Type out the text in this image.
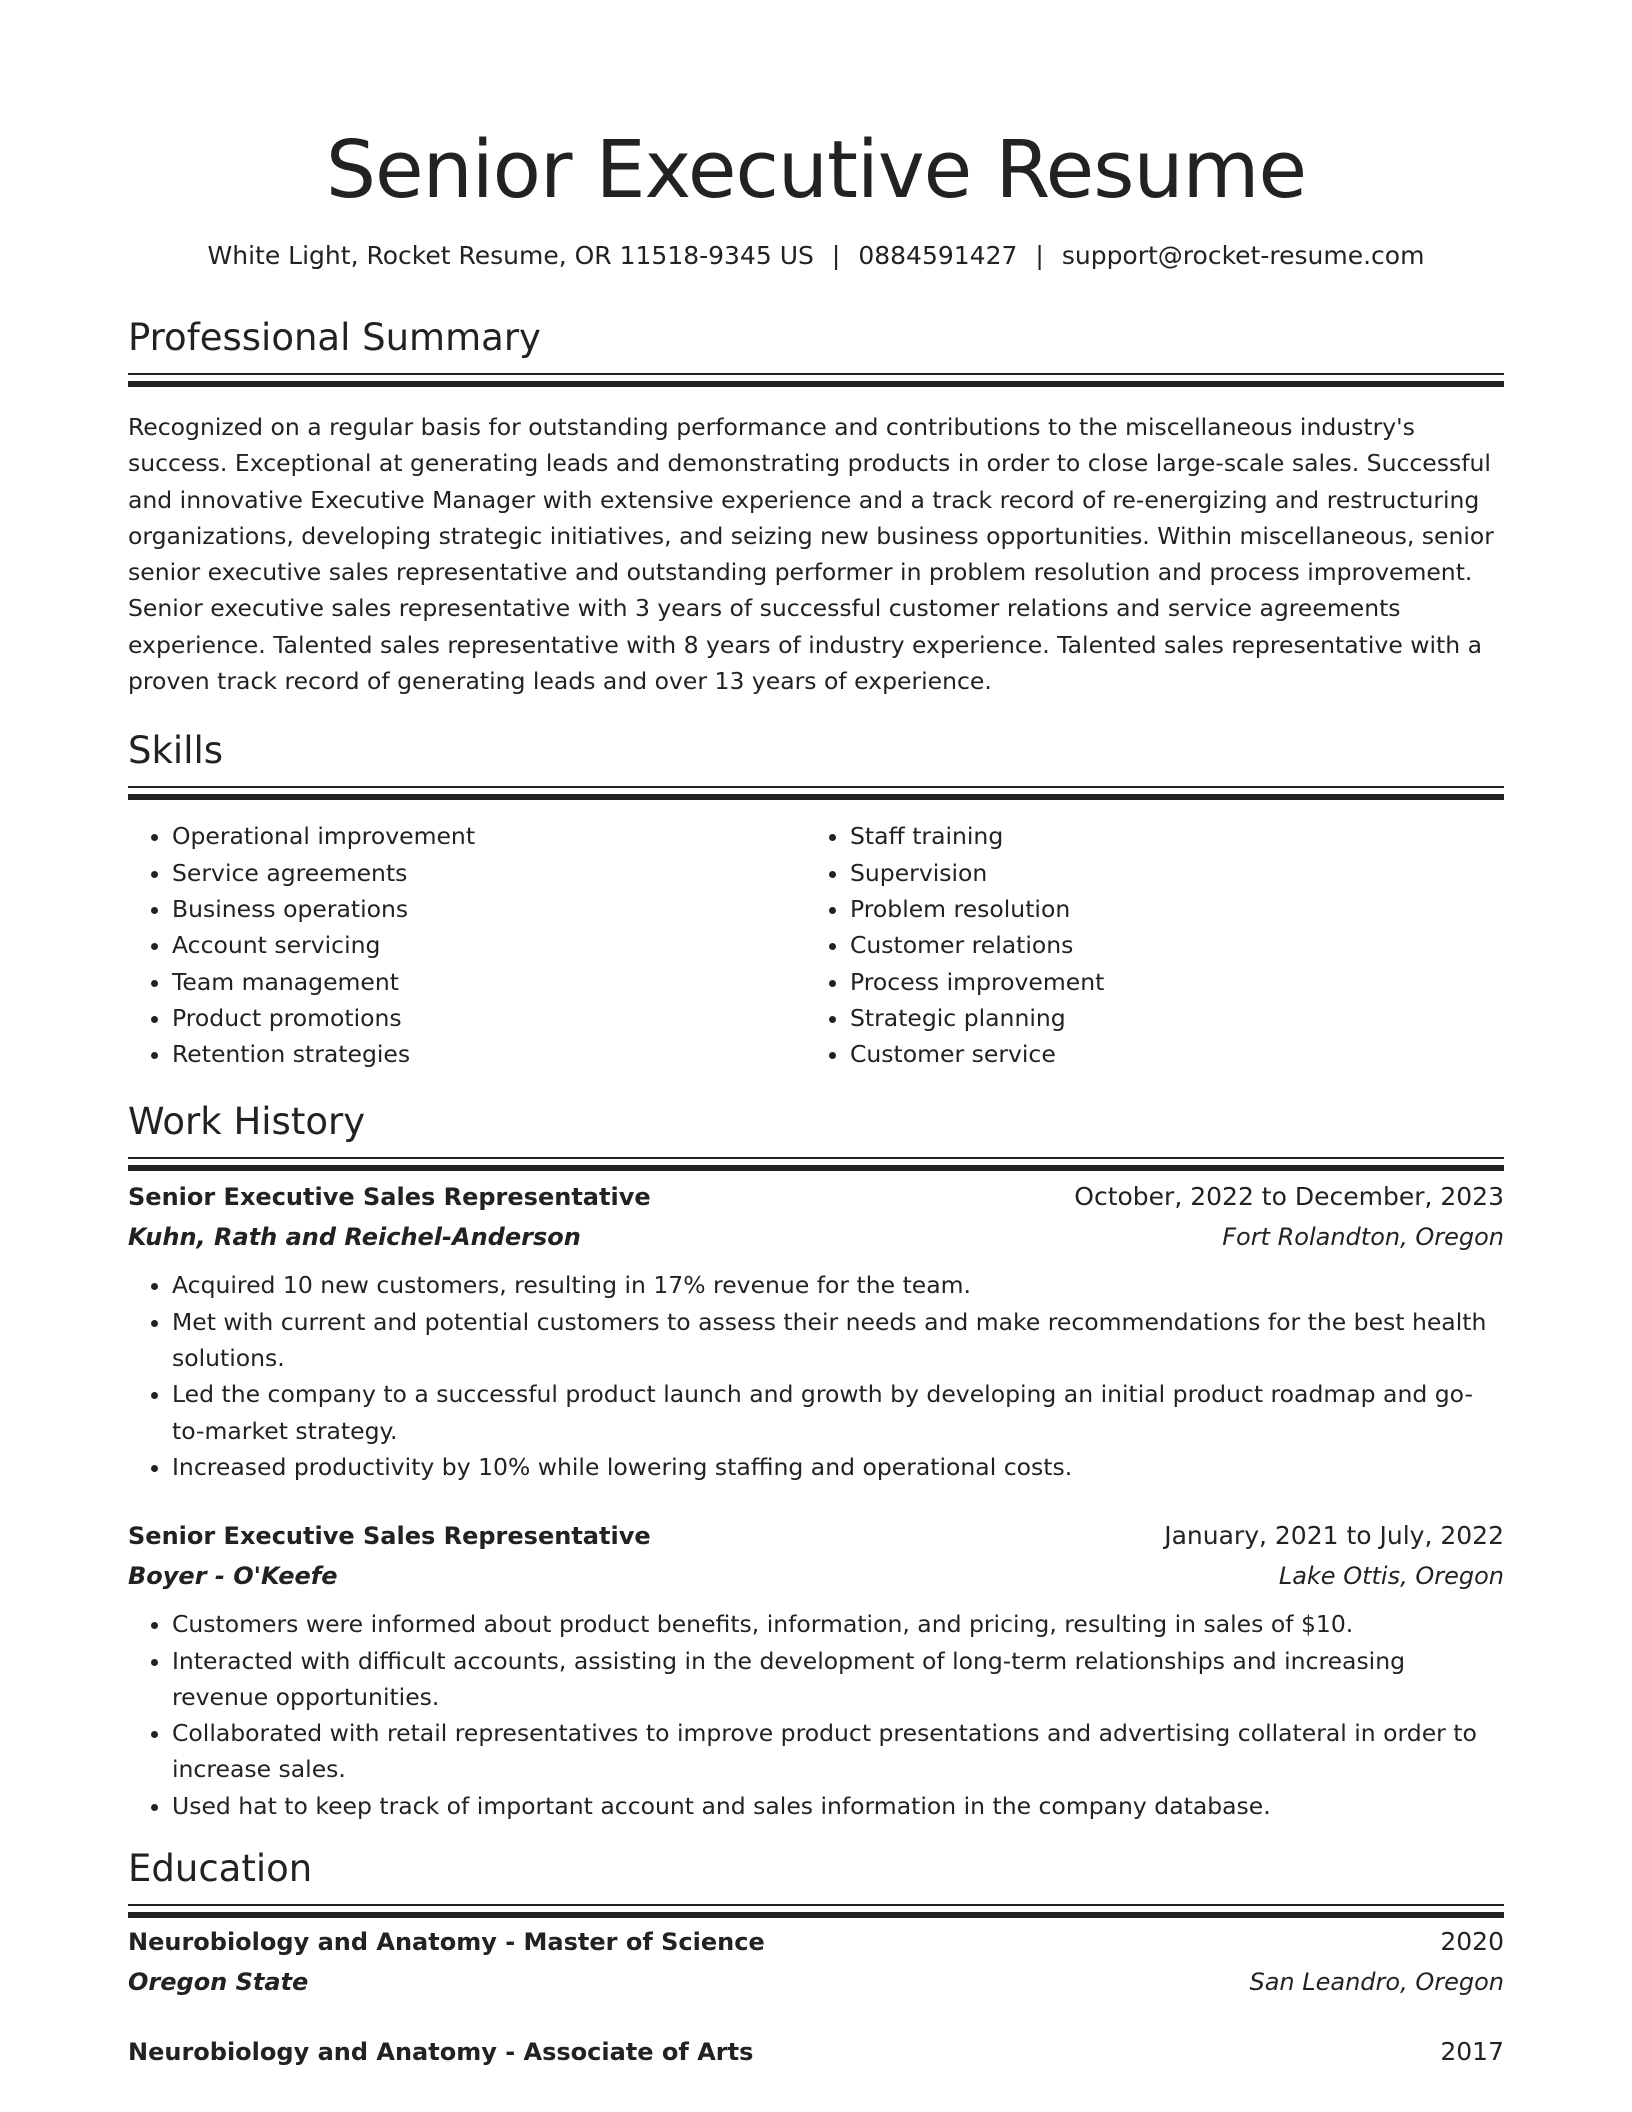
Senior Executive Resume
White Light, Rocket Resume, OR 11518-9345 US | 0884591427 | support@rocket-resume.com
Professional Summary

Recognized on a regular basis for outstanding performance and contributions to the miscellaneous industry's success. Exceptional at generating leads and demonstrating products in order to close large-scale sales. Successful and innovative Executive Manager with extensive experience and a track record of re-energizing and restructuring organizations, developing strategic initiatives, and seizing new business opportunities. Within miscellaneous, senior senior executive sales representative and outstanding performer in problem resolution and process improvement. Senior executive sales representative with 3 years of successful customer relations and service agreements experience. Talented sales representative with 8 years of industry experience. Talented sales representative with a proven track record of generating leads and over 13 years of experience.

Skills
• Operational improvement
• Service agreements
• Business operations
• Account servicing
• Team management
• Product promotions
• Retention strategies
• Staff training
• Supervision
• Problem resolution
• Customer relations
• Process improvement
• Strategic planning
• Customer service
Work History
Senior Executive Sales Representative	October, 2022 to December, 2023
Kuhn, Rath and Reichel-Anderson	Fort Rolandton, Oregon
• Acquired 10 new customers, resulting in 17% revenue for the team.
• Met with current and potential customers to assess their needs and make recommendations for the best health solutions.
• Led the company to a successful product launch and growth by developing an initial product roadmap and go-to-market strategy.
• Increased productivity by 10% while lowering staffing and operational costs.
Senior Executive Sales Representative	January, 2021 to July, 2022
Boyer - O'Keefe	Lake Ottis, Oregon
• Customers were informed about product benefits, information, and pricing, resulting in sales of $10.
• Interacted with difficult accounts, assisting in the development of long-term relationships and increasing revenue opportunities.
• Collaborated with retail representatives to improve product presentations and advertising collateral in order to increase sales.
• Used hat to keep track of important account and sales information in the company database.
Education
Neurobiology and Anatomy - Master of Science	2020
Oregon State	San Leandro, Oregon
Neurobiology and Anatomy - Associate of Arts	2017
